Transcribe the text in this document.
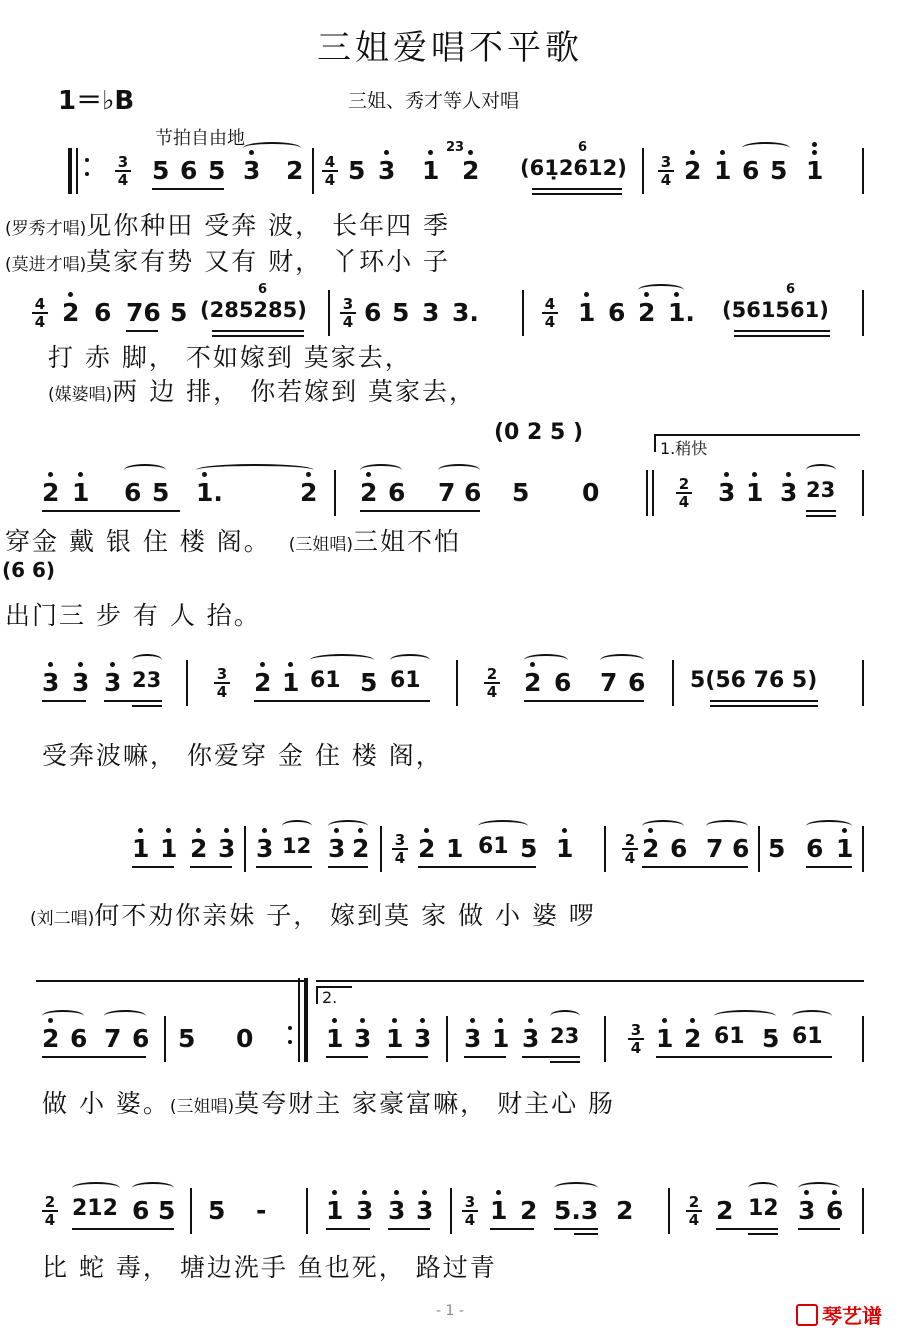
三姐爱唱不平歌
1＝♭B	三姐、秀才等人对唱
节拍自由地
3
4 5 6 5 3 2 4
4 5 3 1
23
2 (61̣2612)
6
3
4 2 1 6 5 1
(罗秀才唱)见你种田 受奔 波， 长年四 季
(莫进才唱)莫家有势 又有 财， 丫环小 子
4
4 2 6 76 5 (285285)
6
3
4 6 5 3 3.	4
4 1 6 2 1. (561561)
6
打 赤 脚， 不如嫁到 莫家去，
(媒婆唱)两 边 排， 你若嫁到 莫家去，
(0 2 5 )
1.稍快
2 1 6 5 1.	2 2 6 7 6 5 0	2
4 3 1 3 23
穿金 戴 银 住 楼 阁。 (三姐唱)三姐不怕
(6 6)
出门三 步 有 人 抬。
3 3 3 23	3
4 2 1 61 5 61	2
4 2 6 7 6 5(56 76 5)
受奔波嘛， 你爱穿 金 住 楼 阁，
1 1 2 3 3 12 3 2 3
4 2 1 61 5 1	2
4 2 6 7 6 5 6 1
(刘二唱)何不劝你亲妹 子， 嫁到莫 家 做 小 婆 啰
2.
2 6 7 6 5 0	1 3 1 3 3 1 3 23	3
4 1 2 61 5 61
做 小 婆。(三姐唱)莫夸财主 家豪富嘛， 财主心 肠
2
4 212 6 5 5 - 1 3 3 3 3
4 1 2 5.3 2	2
4 2 12 3 6
比 蛇 毒， 塘边洗手 鱼也死， 路过青
- 1 -	琴艺谱
